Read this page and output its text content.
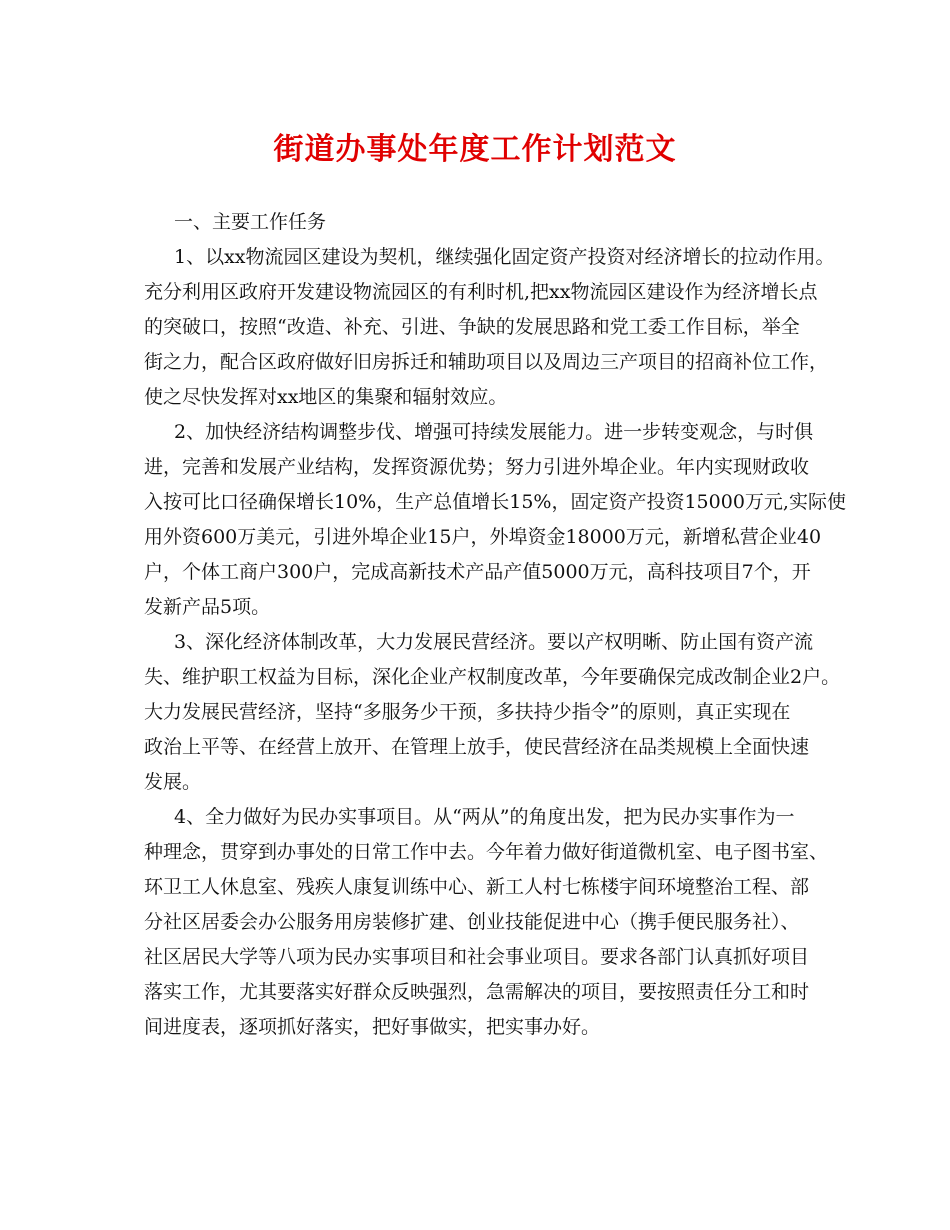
街道办事处年度工作计划范文
一、主要工作任务
1、以xx物流园区建设为契机，继续强化固定资产投资对经济增长的拉动作用。
充分利用区政府开发建设物流园区的有利时机,把xx物流园区建设作为经济增长点
的突破口，按照“改造、补充、引进、争缺的发展思路和党工委工作目标，举全
街之力，配合区政府做好旧房拆迁和辅助项目以及周边三产项目的招商补位工作，
使之尽快发挥对xx地区的集聚和辐射效应。
2、加快经济结构调整步伐、增强可持续发展能力。进一步转变观念，与时俱
进，完善和发展产业结构，发挥资源优势；努力引进外埠企业。年内实现财政收
入按可比口径确保增长10%，生产总值增长15%，固定资产投资15000万元,实际使
用外资600万美元，引进外埠企业15户，外埠资金18000万元，新增私营企业40
户，个体工商户300户，完成高新技术产品产值5000万元，高科技项目7个，开
发新产品5项。
3、深化经济体制改革，大力发展民营经济。要以产权明晰、防止国有资产流
失、维护职工权益为目标，深化企业产权制度改革，今年要确保完成改制企业2户。
大力发展民营经济，坚持“多服务少干预，多扶持少指令”的原则，真正实现在
政治上平等、在经营上放开、在管理上放手，使民营经济在品类规模上全面快速
发展。
4、全力做好为民办实事项目。从“两从”的角度出发，把为民办实事作为一
种理念，贯穿到办事处的日常工作中去。今年着力做好街道微机室、电子图书室、
环卫工人休息室、残疾人康复训练中心、新工人村七栋楼宇间环境整治工程、部
分社区居委会办公服务用房装修扩建、创业技能促进中心（携手便民服务社）、
社区居民大学等八项为民办实事项目和社会事业项目。要求各部门认真抓好项目
落实工作，尤其要落实好群众反映强烈，急需解决的项目，要按照责任分工和时
间进度表，逐项抓好落实，把好事做实，把实事办好。
